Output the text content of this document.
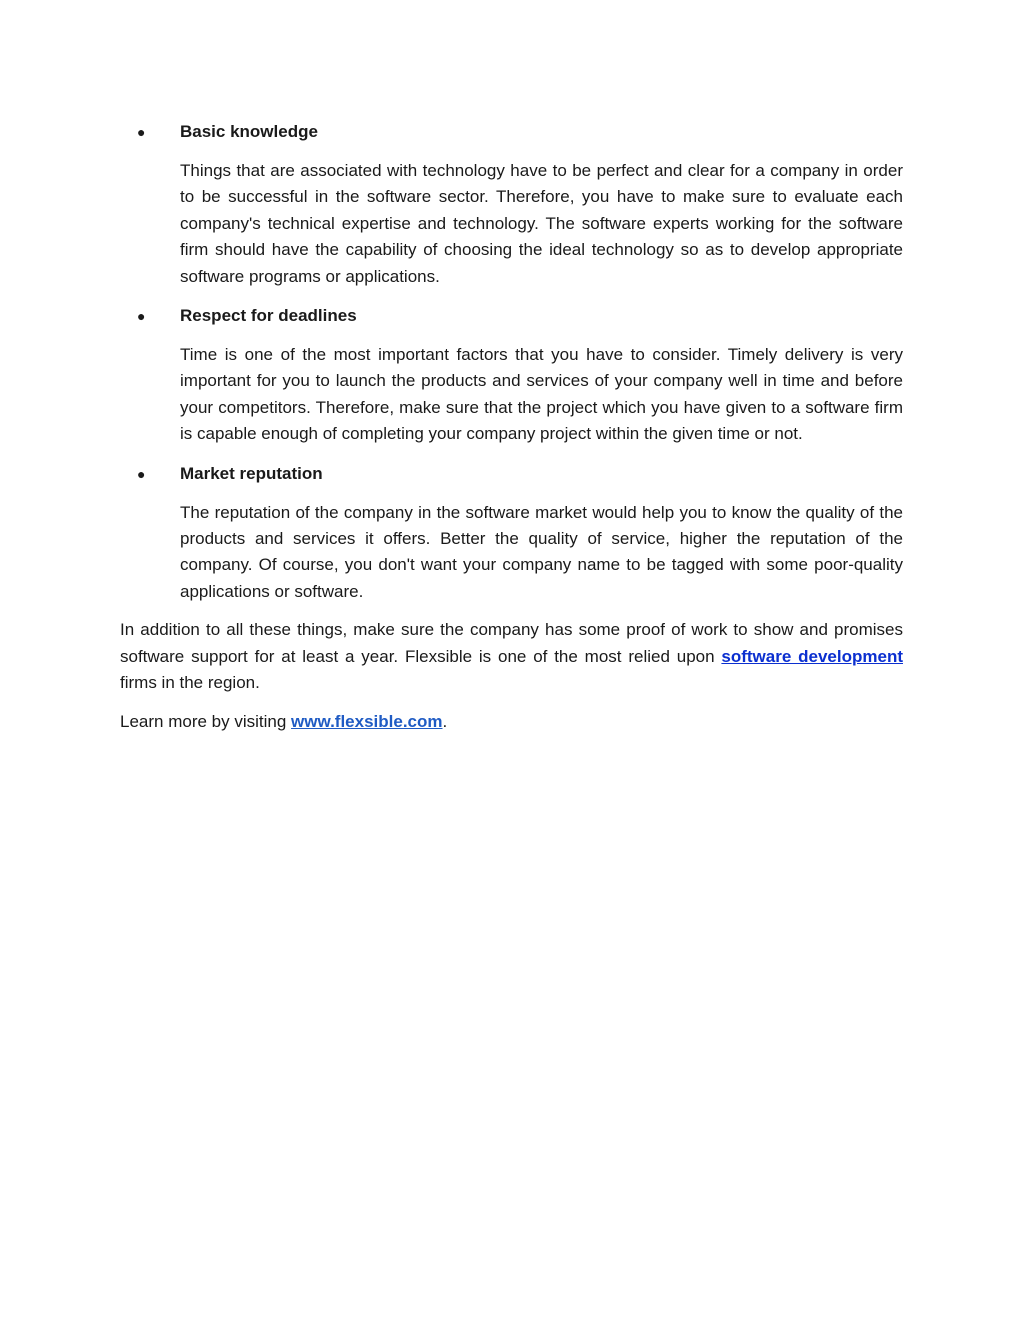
● Basic knowledge

Things that are associated with technology have to be perfect and clear for a company in order to be successful in the software sector. Therefore, you have to make sure to evaluate each company's technical expertise and technology. The software experts working for the software firm should have the capability of choosing the ideal technology so as to develop appropriate software programs or applications.

● Respect for deadlines

Time is one of the most important factors that you have to consider. Timely delivery is very important for you to launch the products and services of your company well in time and before your competitors. Therefore, make sure that the project which you have given to a software firm is capable enough of completing your company project within the given time or not.

● Market reputation

The reputation of the company in the software market would help you to know the quality of the products and services it offers. Better the quality of service, higher the reputation of the company. Of course, you don't want your company name to be tagged with some poor-quality applications or software.

In addition to all these things, make sure the company has some proof of work to show and promises software support for at least a year. Flexsible is one of the most relied upon software development firms in the region.

Learn more by visiting www.flexsible.com.
